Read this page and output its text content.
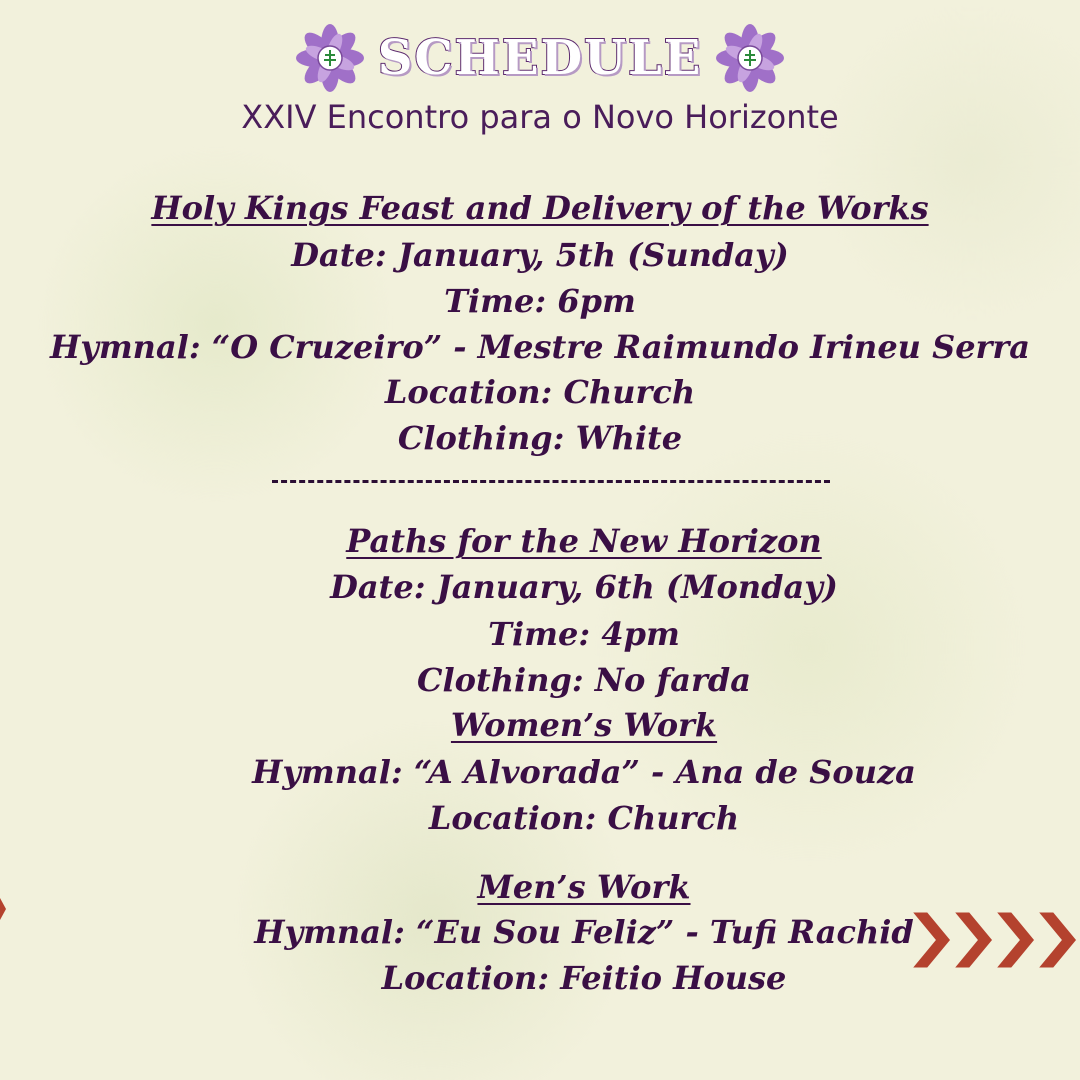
SCHEDULE
XXIV Encontro para o Novo Horizonte
Holy Kings Feast and Delivery of the Works
Date: January, 5th (Sunday)
Time: 6pm
Hymnal: “O Cruzeiro” - Mestre Raimundo Irineu Serra
Location: Church
Clothing: White
Paths for the New Horizon
Date: January, 6th (Monday)
Time: 4pm
Clothing: No farda
Women’s Work
Hymnal: “A Alvorada” - Ana de Souza
Location: Church
Men’s Work
Hymnal: “Eu Sou Feliz” - Tufi Rachid
Location: Feitio House
